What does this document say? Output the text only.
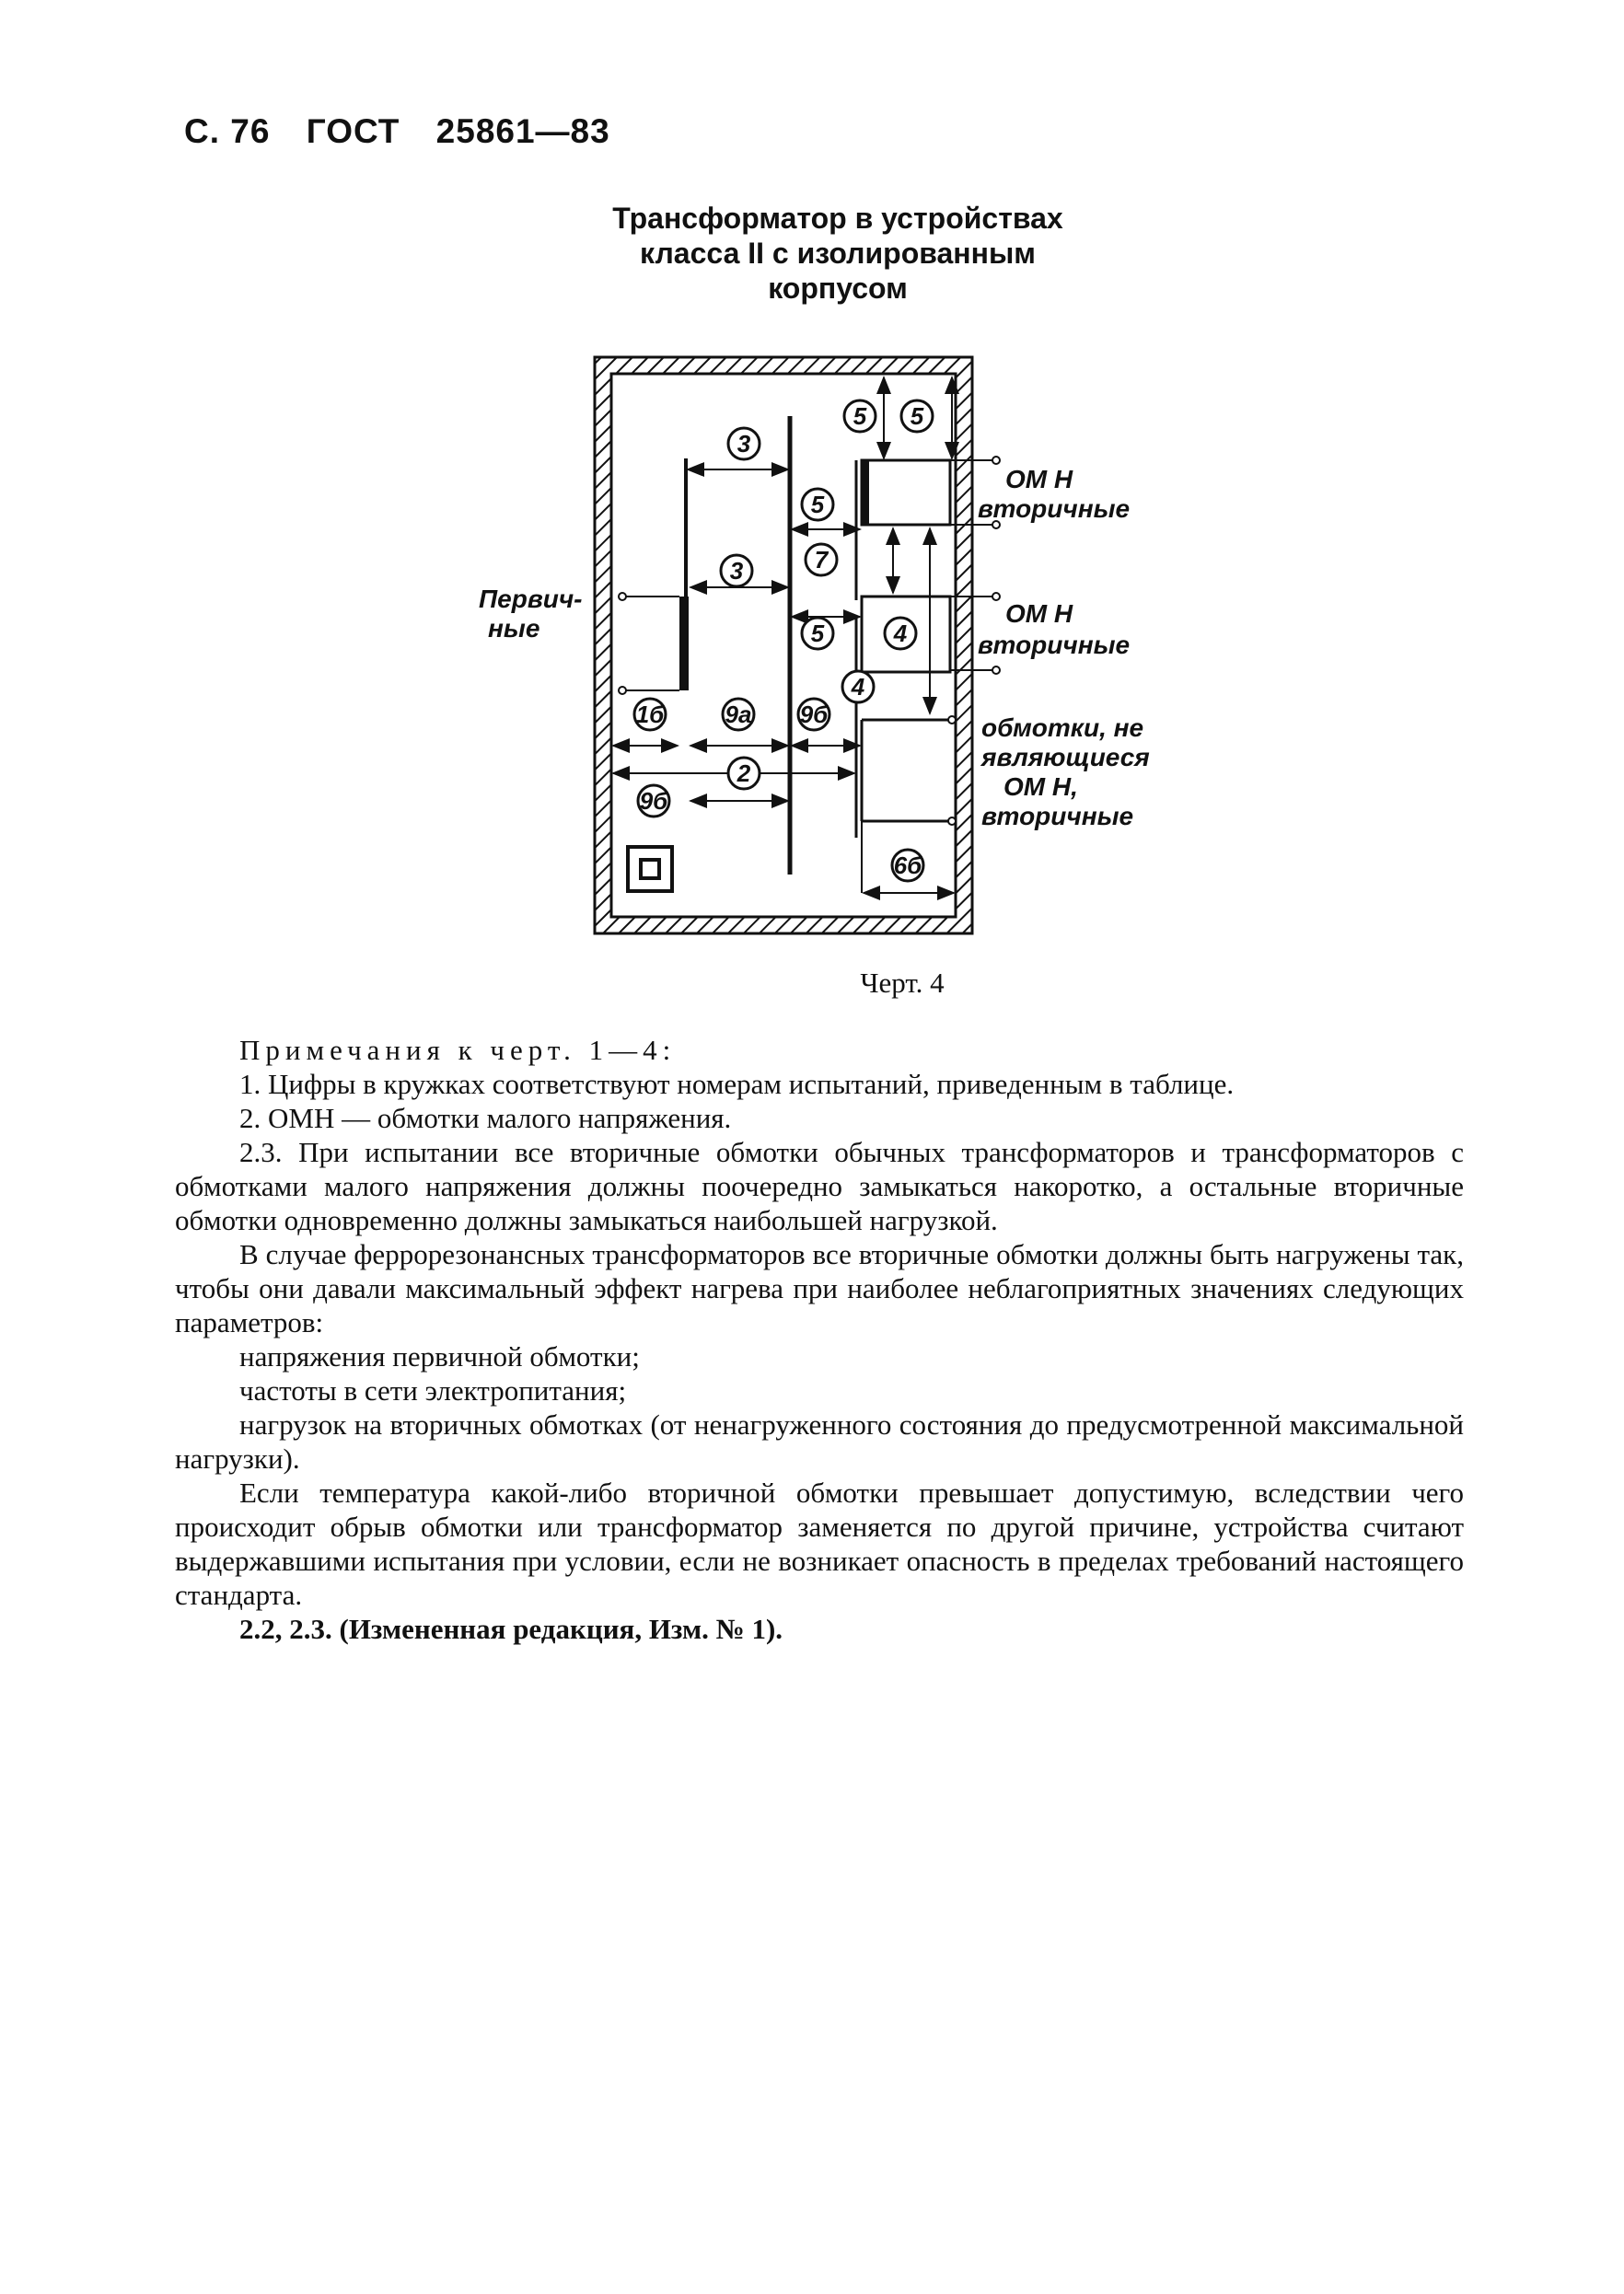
С. 76 ГОСТ 25861—83
Трансформатор в устройствах
класса II с изолированным
корпусом
5 5
3
5
7
3
5	4
4
1б	9а 9б
2
9б
6б
Первич-
ные
ОМ Н
вторичные
ОМ Н
вторичные
обмотки, не
являющиеся
ОМ Н,
вторичные
Черт. 4

Примечания к черт. 1—4:

1. Цифры в кружках соответствуют номерам испытаний, приведенным в таблице.

2. ОМН — обмотки малого напряжения.

2.3. При испытании все вторичные обмотки обычных трансформаторов и трансформаторов с обмотками малого напряжения должны поочередно замыкаться накоротко, а остальные вторичные обмотки одновременно должны замыкаться наибольшей нагрузкой.

В случае феррорезонансных трансформаторов все вторичные обмотки должны быть нагружены так, чтобы они давали максимальный эффект нагрева при наиболее неблагоприятных значениях следующих параметров:

напряжения первичной обмотки;

частоты в сети электропитания;

нагрузок на вторичных обмотках (от ненагруженного состояния до предусмотренной максимальной нагрузки).

Если температура какой-либо вторичной обмотки превышает допустимую, вследствии чего происходит обрыв обмотки или трансформатор заменяется по другой причине, устройства считают выдержавшими испытания при условии, если не возникает опасность в пределах требований настоящего стандарта.

2.2, 2.3. (Измененная редакция, Изм. № 1).
